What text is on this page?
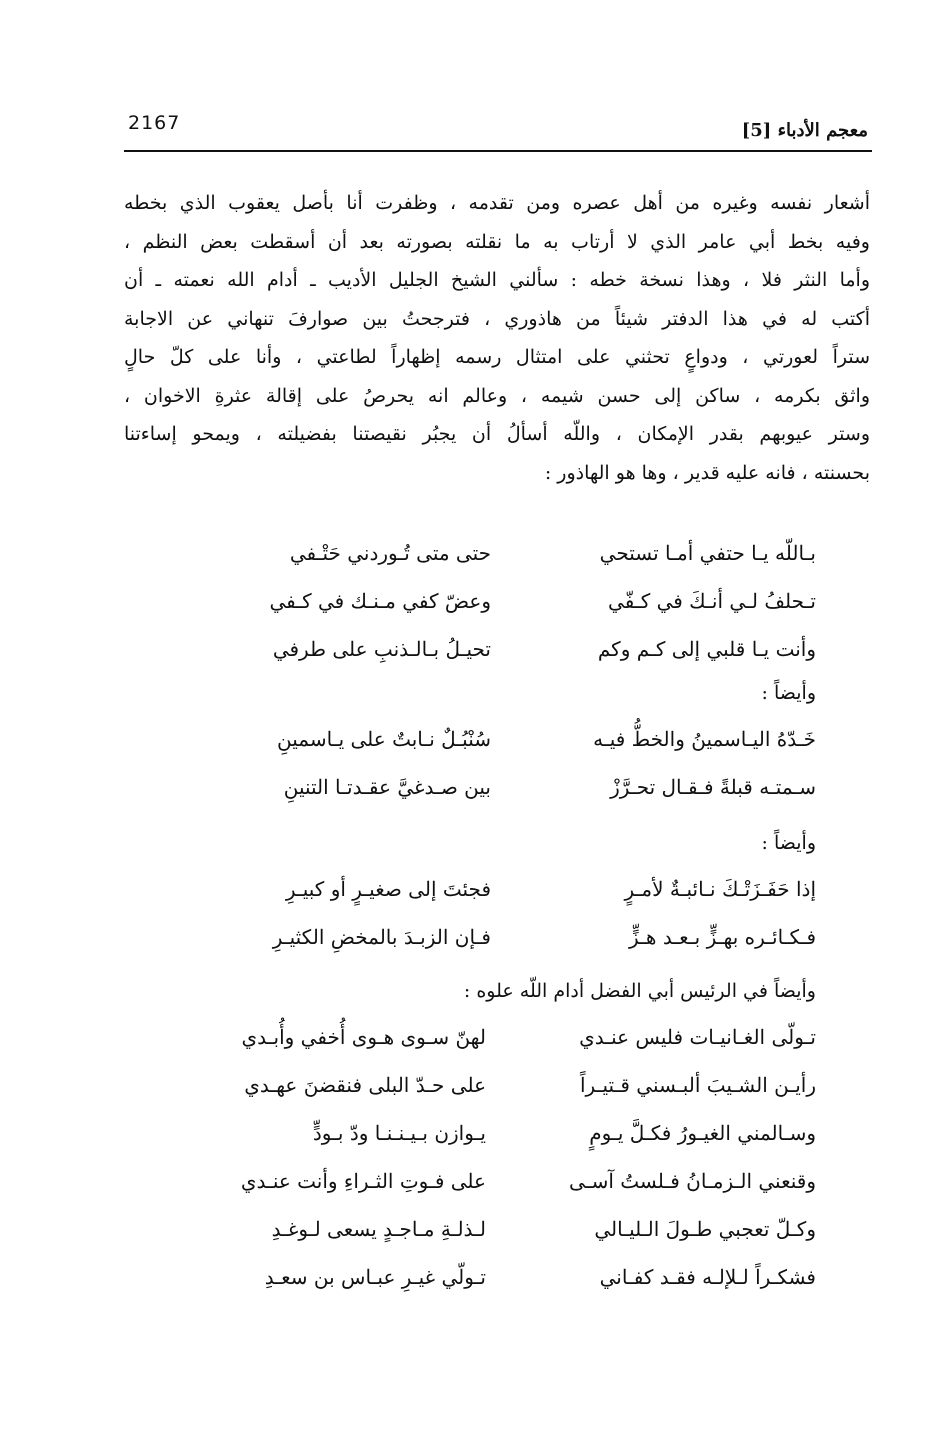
2167	معجم الأدباء [5]
أشعار نفسه وغيره من أهل عصره ومن تقدمه ، وظفرت أنا بأصل يعقوب الذي بخطه
وفيه بخط أبي عامر الذي لا أرتاب به ما نقلته بصورته بعد أن أسقطت بعض النظم ،
وأما النثر فلا ، وهذا نسخة خطه : سألني الشيخ الجليل الأديب ـ أدام الله نعمته ـ أن
أكتب له في هذا الدفتر شيئاً من هاذوري ، فترجحتُ بين صوارفَ تنهاني عن الاجابة
ستراً لعورتي ، ودواعٍ تحثني على امتثال رسمه إظهاراً لطاعتي ، وأنا على كلّ حالٍ
واثق بكرمه ، ساكن إلى حسن شيمه ، وعالم انه يحرصُ على إقالة عثرةِ الاخوان ،
وستر عيوبهم بقدر الإمكان ، واللّه أسألُ أن يجبُر نقيصتنا بفضيلته ، ويمحو إساءتنا
بحسنته ، فانه عليه قدير ، وها هو الهاذور :
بـاللّه يـا حتفي أمـا تستحي
حتى متى تُـوردني حَتْـفي
تـحلفُ لـي أنـكَ في كـفّي
وعضّ كفي مـنـك في كـفي
وأنت يـا قلبي إلى كـم وكم
تحيـلُ بـالـذنبِ على طرفي
وأيضاً :
خَـدّهُ اليـاسمينُ والخطُّ فيـه
سُنْبُـلٌ نـابتٌ على يـاسمينِ
سـمتـه قبلةً فـقـال تحـرَّزْ
بين صـدغيَّ عقـدتـا التنينِ
وأيضاً :
إذا حَفَـزَتْـكَ نـائبـةٌ لأمـرٍ
فجئتَ إلى صغيـرٍ أو كبيـرِ
فـكـائـره بهـزٍّ بـعـد هـزٍّ
فـإن الزبـدَ بالمخضِ الكثيـرِ
وأيضاً في الرئيس أبي الفضل أدام اللّه علوه :
تـولّى الغـانيـات فليس عنـدي
لهنّ سـوى هـوى أُخفي وأُبـدي
رأيـن الشـيبَ ألبـسني قـتيـراً
على حـدّ البلى فنقضنَ عهـدي
وسـالمني الغيـورُ فكـلَّ يـومٍ
يـوازن بـيـنـنـا ودّ بـودٍّ
وقنعني الـزمـانُ فـلستُ آسـى
على فـوتِ الثـراءِ وأنت عنـدي
وكـلّ تعجبي طـولَ الـليـالي
لـذلـةِ مـاجـدٍ يسعى لـوغـدِ
فشكـراً لـلإلـه فقـد كفـاني
تـولّي غيـرِ عبـاس بن سعـدِ
